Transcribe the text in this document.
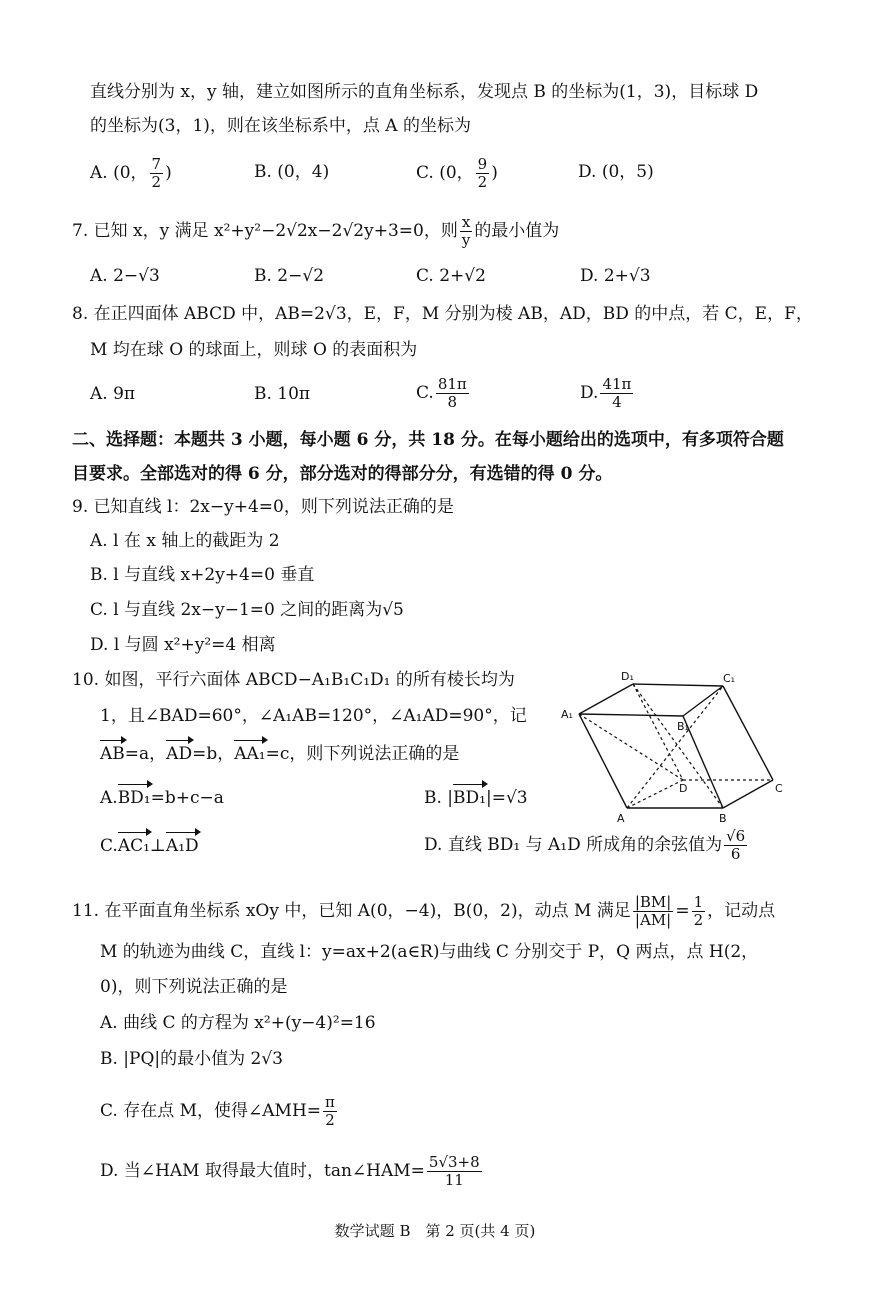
直线分别为 x，y 轴，建立如图所示的直角坐标系，发现点 B 的坐标为(1，3)，目标球 D
的坐标为(3，1)，则在该坐标系中，点 A 的坐标为
A. (0， $\frac{7}{2}$ )	B. (0，4)	C. (0， $\frac{9}{2}$ )	D. (0，5)
7. 已知 x，y 满足 x²+y²−2√2x−2√2y+3=0，则 $\frac{x}{y}$ 的最小值为
A. 2−√3	B. 2−√2	C. 2+√2	D. 2+√3
8. 在正四面体 ABCD 中，AB=2√3，E，F，M 分别为棱 AB，AD，BD 的中点，若 C，E，F，
M 均在球 O 的球面上，则球 O 的表面积为
A. 9π	B. 10π	C. $\frac{81\pi}{8}$	D. $\frac{41\pi}{4}$
二、选择题：本题共 3 小题，每小题 6 分，共 18 分。在每小题给出的选项中，有多项符合题
目要求。全部选对的得 6 分，部分选对的得部分分，有选错的得 0 分。
9. 已知直线 l：2x−y+4=0，则下列说法正确的是
A. l 在 x 轴上的截距为 2
B. l 与直线 x+2y+4=0 垂直
C. l 与直线 2x−y−1=0 之间的距离为√5
D. l 与圆 x²+y²=4 相离
10. 如图，平行六面体 ABCD−A₁B₁C₁D₁ 的所有棱长均为
1，且∠BAD=60°，∠A₁AB=120°，∠A₁AD=90°，记
AB=a，AD=b，AA₁=c，则下列说法正确的是
A.BD₁=b+c−a	B. |BD₁|=√3
C.AC₁⊥A₁D	D. 直线 BD₁ 与 A₁D 所成角的余弦值为 $\frac{√6}{6}$
D₁	C₁
A₁
B₁
D	C
A	B
11. 在平面直角坐标系 xOy 中，已知 A(0，−4)，B(0，2)，动点 M 满足 $\frac{|BM|}{|AM|} = \frac{1}{2}$ ，记动点
M 的轨迹为曲线 C，直线 l：y=ax+2(a∈R)与曲线 C 分别交于 P，Q 两点，点 H(2，
0)，则下列说法正确的是
A. 曲线 C 的方程为 x²+(y−4)²=16
B. |PQ|的最小值为 2√3
C. 存在点 M，使得∠AMH= $\frac{\pi}{2}$
D. 当∠HAM 取得最大值时，tan∠HAM= $\frac{5√3+8}{11}$
数学试题 B　第 2 页(共 4 页)
